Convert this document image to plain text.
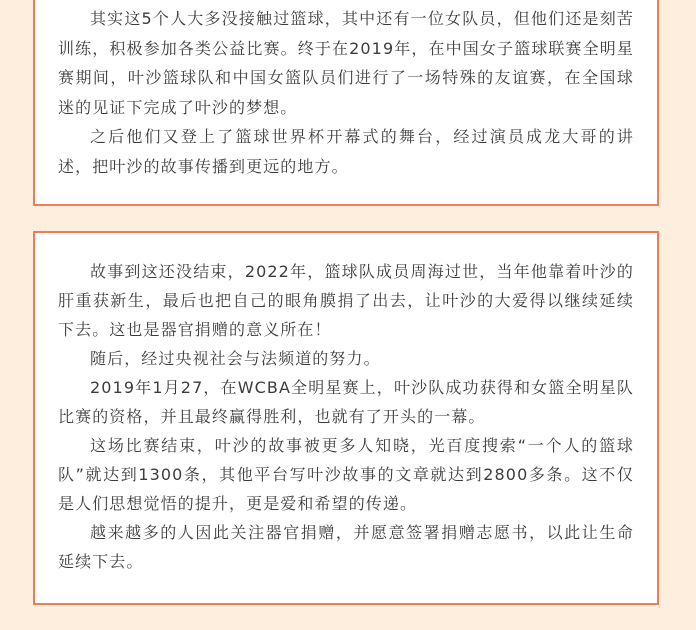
其实这5个人大多没接触过篮球，其中还有一位女队员，但他们还是刻苦训练，积极参加各类公益比赛。终于在2019年，在中国女子篮球联赛全明星赛期间，叶沙篮球队和中国女篮队员们进行了一场特殊的友谊赛，在全国球迷的见证下完成了叶沙的梦想。

之后他们又登上了篮球世界杯开幕式的舞台，经过演员成龙大哥的讲述，把叶沙的故事传播到更远的地方。

故事到这还没结束，2022年，篮球队成员周海过世，当年他靠着叶沙的肝重获新生，最后也把自己的眼角膜捐了出去，让叶沙的大爱得以继续延续下去。这也是器官捐赠的意义所在！

随后，经过央视社会与法频道的努力。

2019年1月27，在WCBA全明星赛上，叶沙队成功获得和女篮全明星队比赛的资格，并且最终赢得胜利，也就有了开头的一幕。

这场比赛结束，叶沙的故事被更多人知晓，光百度搜索“一个人的篮球队”就达到1300条，其他平台写叶沙故事的文章就达到2800多条。这不仅是人们思想觉悟的提升，更是爱和希望的传递。

越来越多的人因此关注器官捐赠，并愿意签署捐赠志愿书，以此让生命延续下去。
